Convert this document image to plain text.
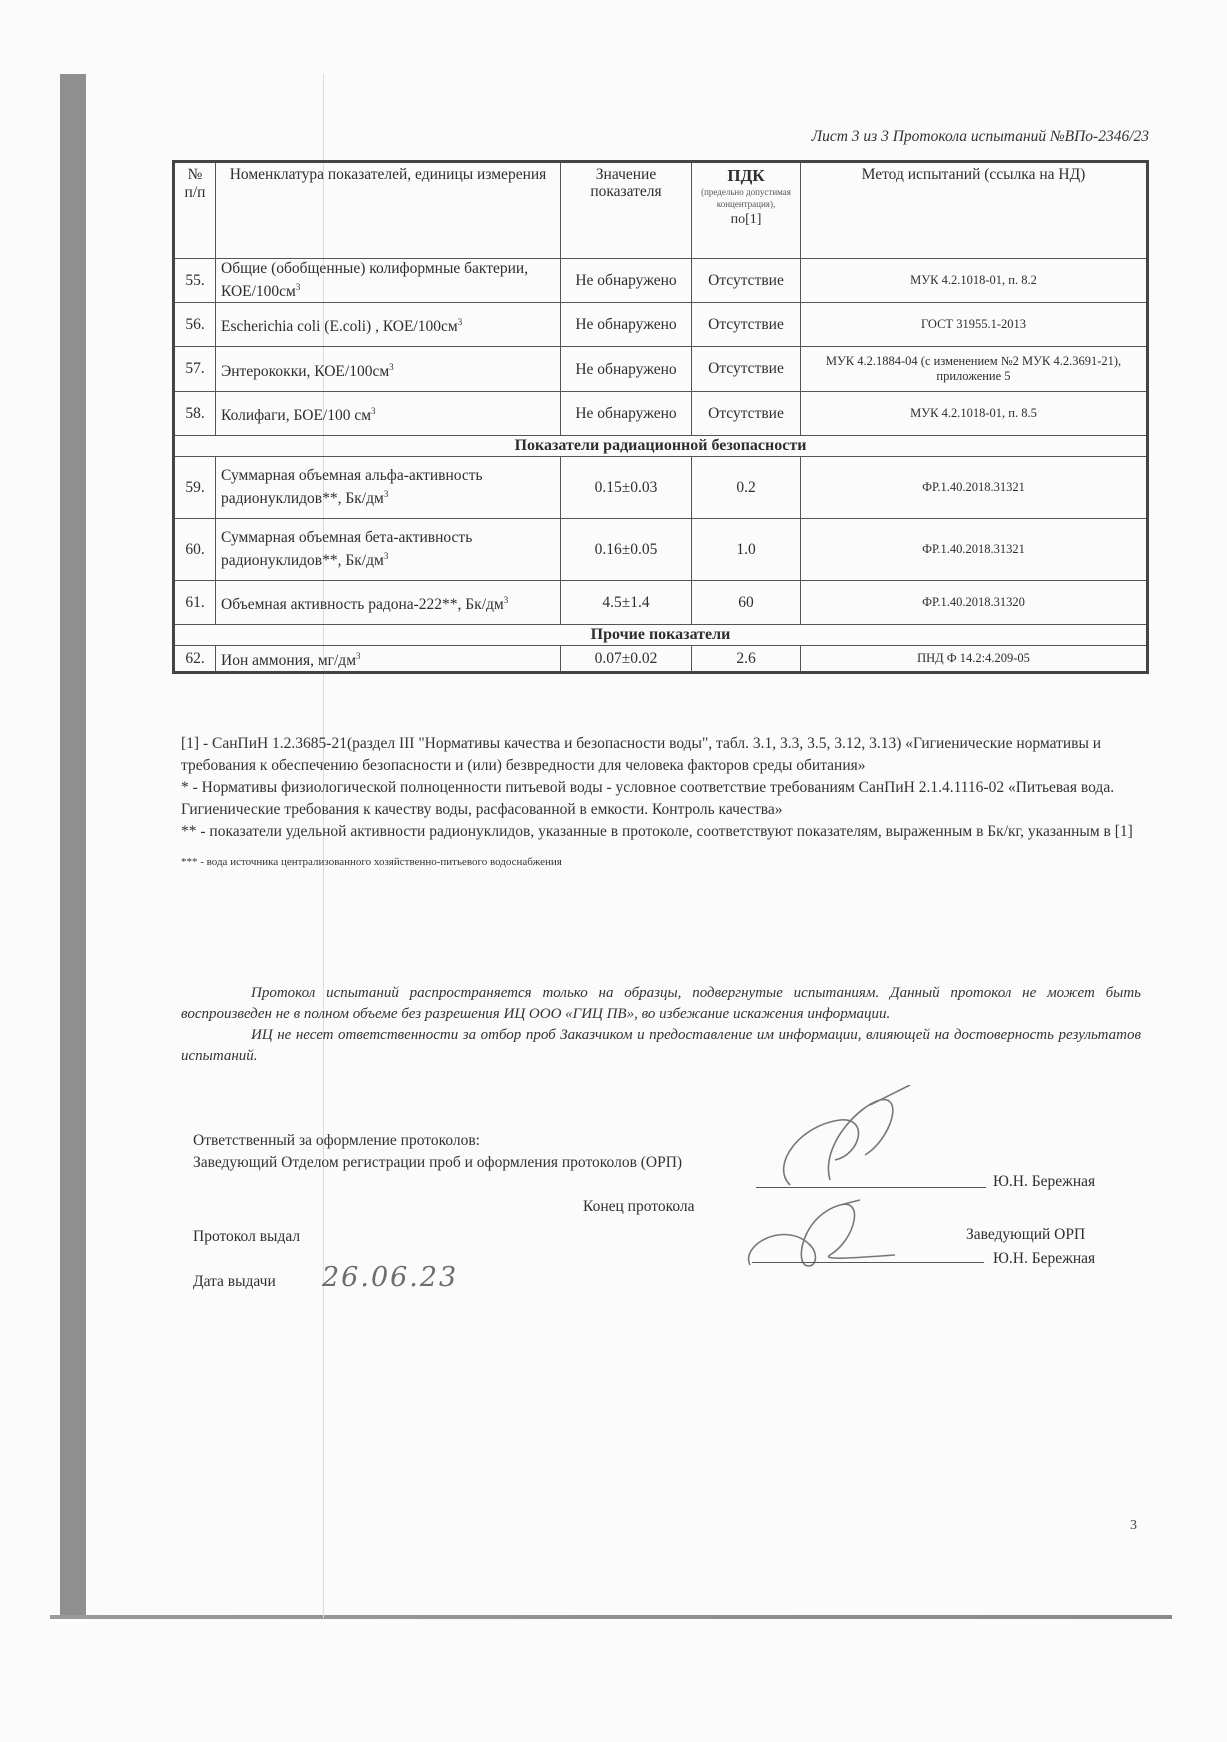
Лист 3 из 3 Протокола испытаний №ВПо-2346/23
№ п/п	Номенклатура показателей, единицы измерения	Значение показателя	ПДК
(предельно допустимая концентрация),
по[1]	Метод испытаний (ссылка на НД)
55.	Общие (обобщенные) колиформные бактерии, КОЕ/$100см^3$	Не обнаружено	Отсутствие	МУК 4.2.1018-01, п. 8.2
56.	Escherichia coli (E.coli) , КОЕ/$100см^3$	Не обнаружено	Отсутствие	ГОСТ 31955.1-2013
57.	Энтерококки, КОЕ/$100см^3$	Не обнаружено	Отсутствие	МУК 4.2.1884-04 (с изменением №2 МУК 4.2.3691-21), приложение 5
58.	Колифаги, БОЕ/100 $см^3$	Не обнаружено	Отсутствие	МУК 4.2.1018-01, п. 8.5
Показатели радиационной безопасности				
59.	Суммарная объемная альфа-активность радионуклидов**, $Бк/дм^3$	0.15±0.03	0.2	ФР.1.40.2018.31321
60.	Суммарная объемная бета-активность радионуклидов**, $Бк/дм^3$	0.16±0.05	1.0	ФР.1.40.2018.31321
61.	Объемная активность радона-222**, $Бк/дм^3$	4.5±1.4	60	ФР.1.40.2018.31320
Прочие показатели				
62.	Ион аммония, $мг/дм^3$	0.07±0.02	2.6	ПНД Ф 14.2:4.209-05

[1] - СанПиН 1.2.3685-21(раздел III "Нормативы качества и безопасности воды", табл. 3.1, 3.3, 3.5, 3.12, 3.13) «Гигиенические нормативы и требования к обеспечению безопасности и (или) безвредности для человека факторов среды обитания»

* - Нормативы физиологической полноценности питьевой воды - условное соответствие требованиям СанПиН 2.1.4.1116-02 «Питьевая вода. Гигиенические требования к качеству воды, расфасованной в емкости. Контроль качества»

** - показатели удельной активности радионуклидов, указанные в протоколе, соответствуют показателям, выраженным в Бк/кг, указанным в [1]

*** - вода источника централизованного хозяйственно-питьевого водоснабжения

Протокол испытаний распространяется только на образцы, подвергнутые испытаниям. Данный протокол не может быть воспроизведен не в полном объеме без разрешения ИЦ ООО «ГИЦ ПВ», во избежание искажения информации.

ИЦ не несет ответственности за отбор проб Заказчиком и предоставление им информации, влияющей на достоверность результатов испытаний.

Ответственный за оформление протоколов:

Заведующий Отделом регистрации проб и оформления протоколов (ОРП)

Ю.Н. Бережная
Конец протокола
Протокол выдал	Заведующий ОРП
Ю.Н. Бережная
Дата выдачи 26.06.23
3
